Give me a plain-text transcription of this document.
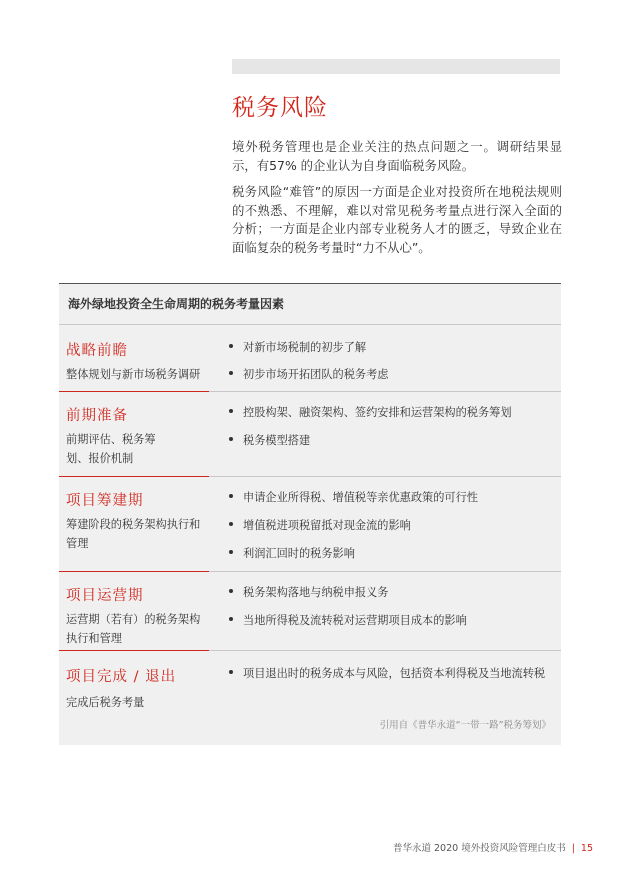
税务风险

境外税务管理也是企业关注的热点问题之一。调研结果显示，有57% 的企业认为自身面临税务风险。

税务风险“难管”的原因一方面是企业对投资所在地税法规则的不熟悉、不理解，难以对常见税务考量点进行深入全面的分析；一方面是企业内部专业税务人才的匮乏，导致企业在面临复杂的税务考量时“力不从心”。

海外绿地投资全生命周期的税务考量因素
战略前瞻
整体规划与新市场税务调研
对新市场税制的初步了解
初步市场开拓团队的税务考虑
前期准备
前期评估、税务筹划、报价机制
控股构架、融资架构、签约安排和运营架构的税务筹划
税务模型搭建
项目筹建期
筹建阶段的税务架构执行和管理
申请企业所得税、增值税等亲优惠政策的可行性
增值税进项税留抵对现金流的影响
利润汇回时的税务影响
项目运营期
运营期（若有）的税务架构执行和管理
税务架构落地与纳税申报义务
当地所得税及流转税对运营期项目成本的影响
项目完成 / 退出
完成后税务考量
项目退出时的税务成本与风险，包括资本利得税及当地流转税
引用自《普华永道“一带一路”税务筹划》
普华永道 2020 境外投资风险管理白皮书 | 15
